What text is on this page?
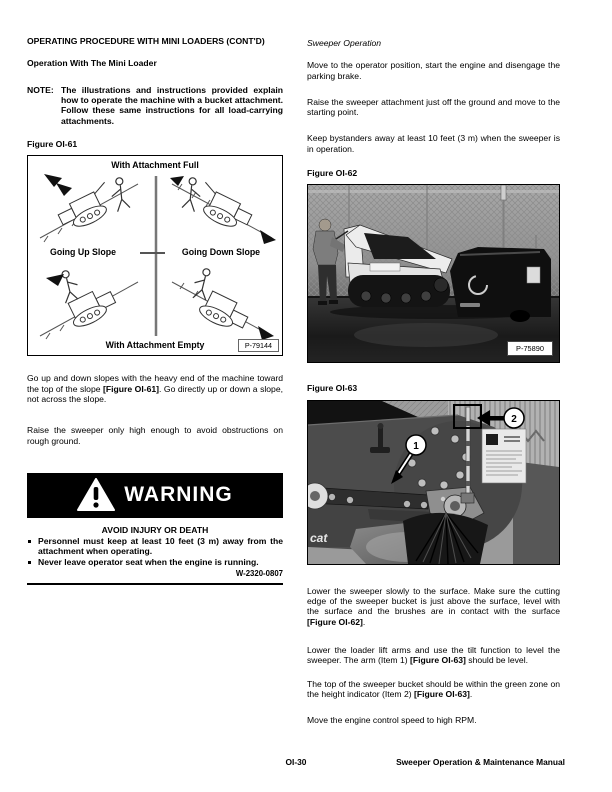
OPERATING PROCEDURE WITH MINI LOADERS (CONT'D)

Operation With The Mini Loader

NOTE: The illustrations and instructions provided explain how to operate the machine with a bucket attachment. Follow these same instructions for all load-carrying attachments.

Figure OI-61

With Attachment Full
Going Up Slope	Going Down Slope
With Attachment Empty	P-79144

Go up and down slopes with the heavy end of the machine toward the top of the slope [Figure OI-61]. Go directly up or down a slope, not across the slope.

Raise the sweeper only high enough to avoid obstructions on rough ground.

WARNING
AVOID INJURY OR DEATH
Personnel must keep at least 10 feet (3 m) away from the attachment when operating.
Never leave operator seat when the engine is running.
W-2320-0807

Sweeper Operation

Move to the operator position, start the engine and disengage the parking brake.

Raise the sweeper attachment just off the ground and move to the starting point.

Keep bystanders away at least 10 feet (3 m) when the sweeper is in operation.

Figure OI-62

P-75890

Figure OI-63

cat
1
2

Lower the sweeper slowly to the surface. Make sure the cutting edge of the sweeper bucket is just above the surface, level with the surface and the brushes are in contact with the surface [Figure OI-62].

Lower the loader lift arms and use the tilt function to level the sweeper. The arm (Item 1) [Figure OI-63] should be level.

The top of the sweeper bucket should be within the green zone on the height indicator (Item 2) [Figure OI-63].

Move the engine control speed to high RPM.

OI-30	Sweeper Operation & Maintenance Manual
